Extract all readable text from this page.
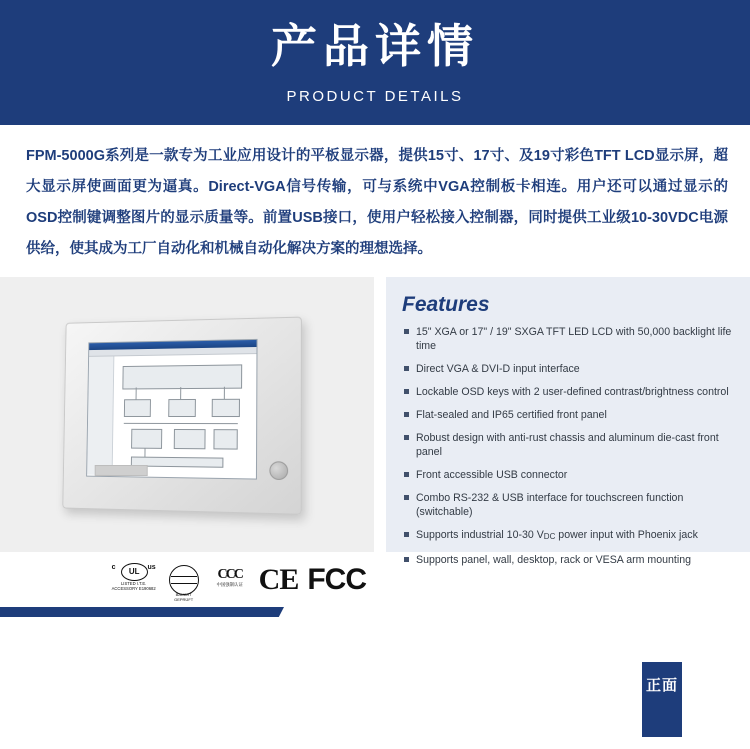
产品详情
PRODUCT DETAILS
FPM-5000G系列是一款专为工业应用设计的平板显示器，提供15寸、17寸、及19寸彩色TFT LCD显示屏，超大显示屏使画面更为逼真。Direct-VGA信号传输，可与系统中VGA控制板卡相连。用户还可以通过显示的OSD控制键调整图片的显示质量等。前置USB接口，使用户轻松接入控制器，同时提供工业级10-30VDC电源供给，使其成为工厂自动化和机械自动化解决方案的理想选择。
Features
15" XGA or 17" / 19" SXGA TFT LED LCD with 50,000 backlight life time
Direct VGA & DVI-D input interface
Lockable OSD keys with 2 user-defined contrast/brightness control
Flat-sealed and IP65 certified front panel
Robust design with anti-rust chassis and aluminum die-cast front panel
Front accessible USB connector
Combo RS-232 & USB interface for touchscreen function (switchable)
Supports industrial 10-30 VDC power input with Phoenix jack
Supports panel, wall, desktop, rack or VESA arm mounting
c	UL	us
LISTED I.T.E. ACCESSORY E190682
BAUART GEPRÜFT
CCC
中国强制认证 CE FCC
正面
